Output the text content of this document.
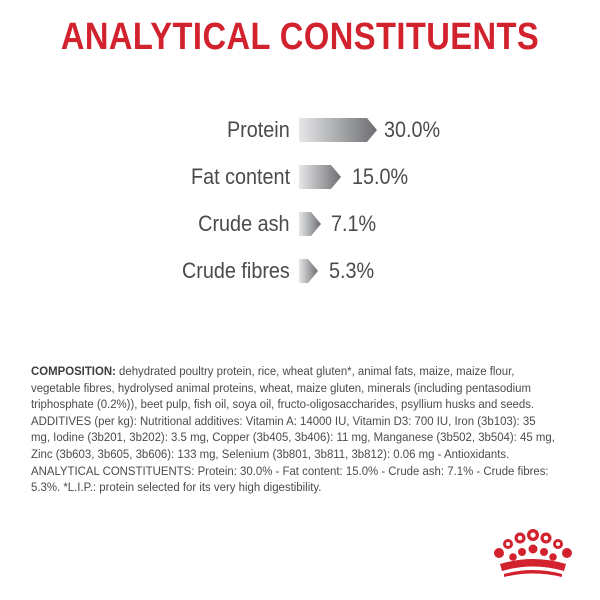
ANALYTICAL CONSTITUENTS
Protein	30.0%
Fat content	15.0%
Crude ash 7.1%
Crude fibres 5.3%
COMPOSITION: dehydrated poultry protein, rice, wheat gluten*, animal fats, maize, maize flour, vegetable fibres, hydrolysed animal proteins, wheat, maize gluten, minerals (including pentasodium triphosphate (0.2%)), beet pulp, fish oil, soya oil, fructo-oligosaccharides, psyllium husks and seeds. ADDITIVES (per kg): Nutritional additives: Vitamin A: 14000 IU, Vitamin D3: 700 IU, Iron (3b103): 35 mg, Iodine (3b201, 3b202): 3.5 mg, Copper (3b405, 3b406): 11 mg, Manganese (3b502, 3b504): 45 mg, Zinc (3b603, 3b605, 3b606): 133 mg, Selenium (3b801, 3b811, 3b812): 0.06 mg - Antioxidants. ANALYTICAL CONSTITUENTS: Protein: 30.0% - Fat content: 15.0% - Crude ash: 7.1% - Crude fibres: 5.3%. *L.I.P.: protein selected for its very high digestibility.
